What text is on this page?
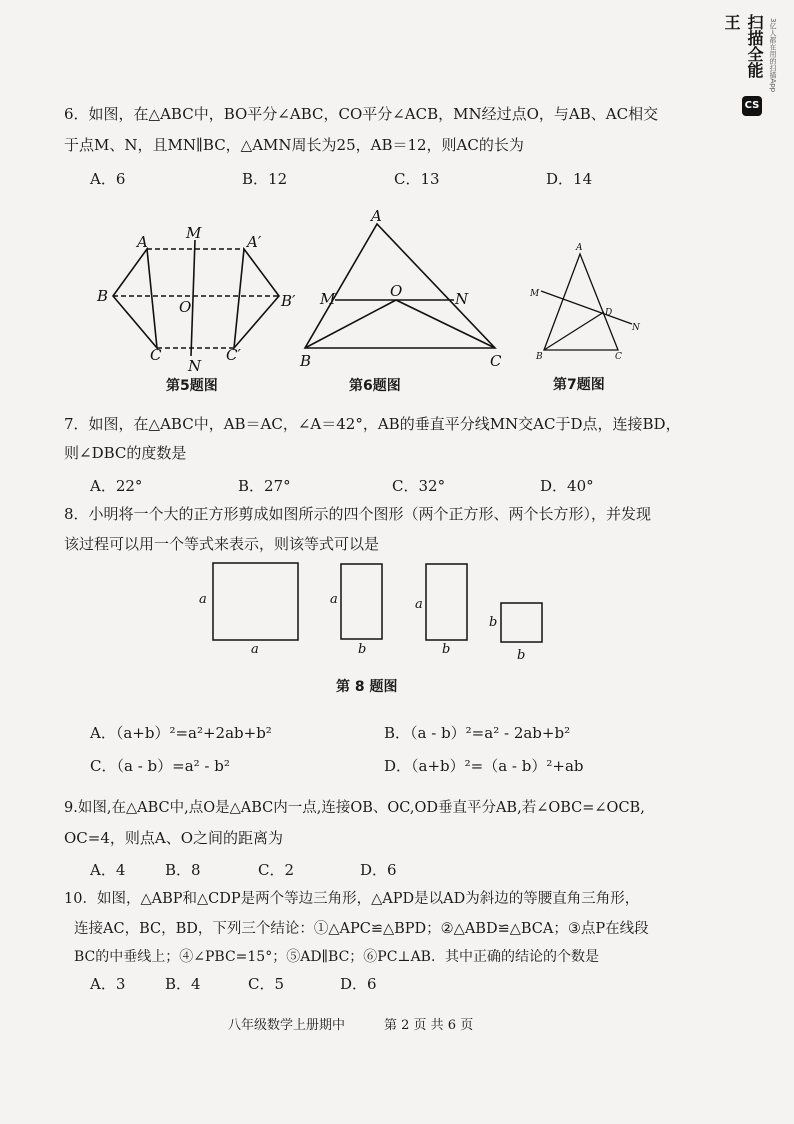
扫描全能王	3亿人都在用的扫描App
CS
6．如图，在△ABC中，BO平分∠ABC，CO平分∠ACB，MN经过点O，与AB、AC相交
于点M、N，且MN∥BC，△AMN周长为25，AB＝12，则AC的长为
A．6	B．12	C．13	D．14
A	A′
B	B′
C	C′
M
N
O
A
B	C
M	N
O
A
B	C
D
M
N
第5题图	第6题图	第7题图
7．如图，在△ABC中，AB＝AC，∠A＝42°，AB的垂直平分线MN交AC于D点，连接BD，
则∠DBC的度数是
A．22°	B．27°	C．32°	D．40°
8．小明将一个大的正方形剪成如图所示的四个图形（两个正方形、两个长方形），并发现
该过程可以用一个等式来表示，则该等式可以是
a
a
a
b
a
b
b
b
第 8 题图
A．（a+b）²=a²+2ab+b²	B．（a - b）²=a² - 2ab+b²
C．（a - b）=a² - b²	D．（a+b）²=（a - b）²+ab
9.如图,在△ABC中,点O是△ABC内一点,连接OB、OC,OD垂直平分AB,若∠OBC=∠OCB,
OC=4，则点A、O之间的距离为
A．4	B．8	C．2	D．6
10．如图，△ABP和△CDP是两个等边三角形，△APD是以AD为斜边的等腰直角三角形，
连接AC，BC，BD，下列三个结论：①△APC≌△BPD；②△ABD≌△BCA；③点P在线段
BC的中垂线上；④∠PBC=15°；⑤AD∥BC；⑥PC⊥AB．其中正确的结论的个数是
A．3	B．4	C．5	D．6
八年级数学上册期中	第 2 页 共 6 页
